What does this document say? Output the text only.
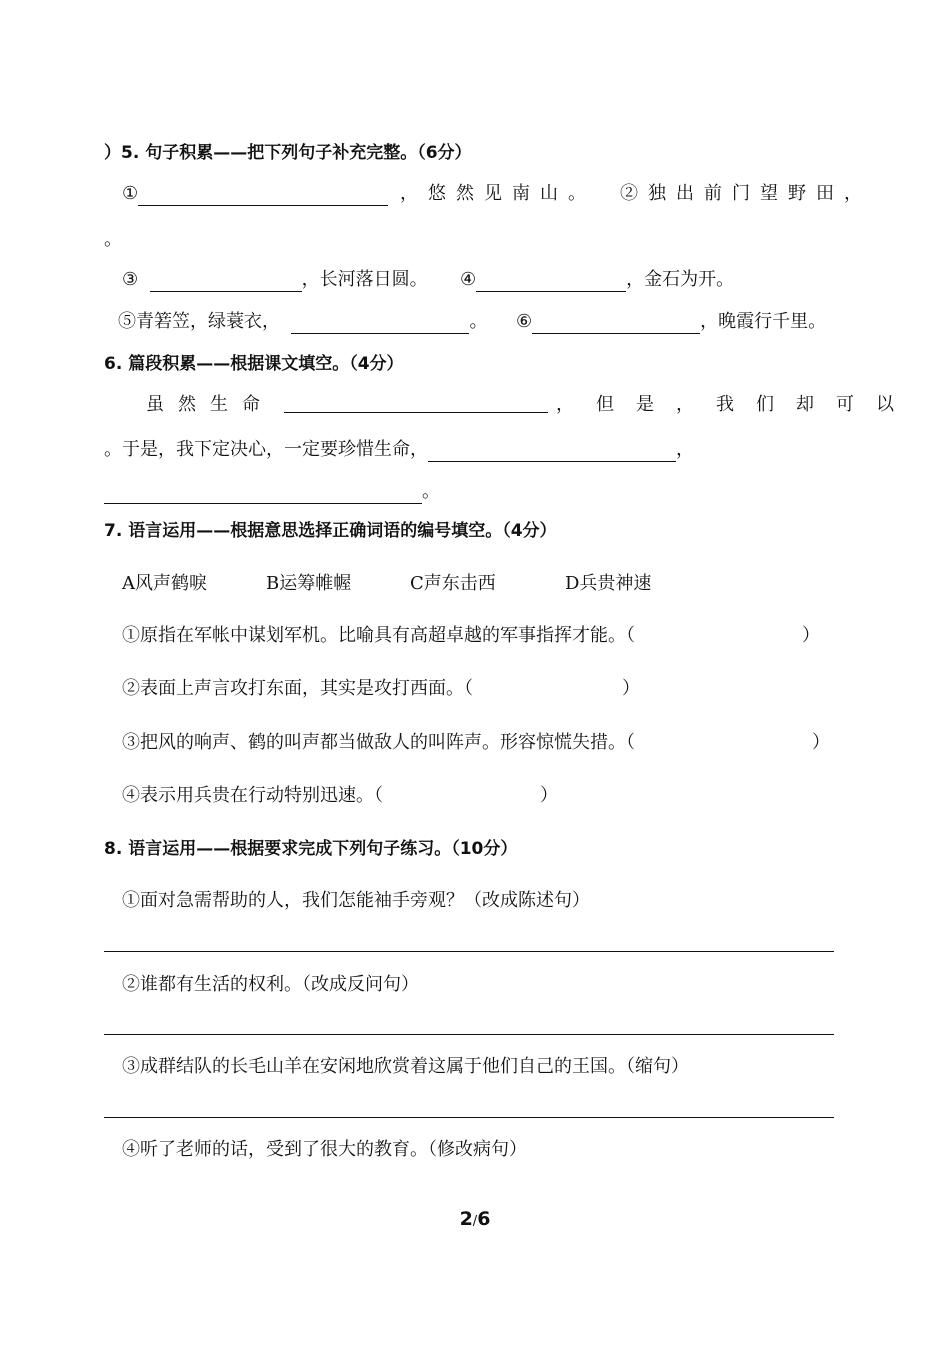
）5. 句子积累——把下列句子补充完整。（6分）
①	，悠然见南山。 ②独出前门望野田，
。
③	，长河落日圆。 ④	，金石为开。
⑤青箬笠，绿蓑衣，	。 ⑥	，晚霞行千里。
6. 篇段积累——根据课文填空。（4分）
虽然生命	，但是，我们却可以
。于是，我下定决心，一定要珍惜生命，	，
。
7. 语言运用——根据意思选择正确词语的编号填空。（4分）
A风声鹤唳	B运筹帷幄	C声东击西	D兵贵神速
①原指在军帐中谋划军机。比喻具有高超卓越的军事指挥才能。（	）
②表面上声言攻打东面，其实是攻打西面。（	）
③把风的响声、鹤的叫声都当做敌人的叫阵声。形容惊慌失措。（	）
④表示用兵贵在行动特别迅速。（	）
8. 语言运用——根据要求完成下列句子练习。（10分）
①面对急需帮助的人，我们怎能袖手旁观？（改成陈述句）
②谁都有生活的权利。（改成反问句）
③成群结队的长毛山羊在安闲地欣赏着这属于他们自己的王国。（缩句）
④听了老师的话，受到了很大的教育。（修改病句）
2/6
